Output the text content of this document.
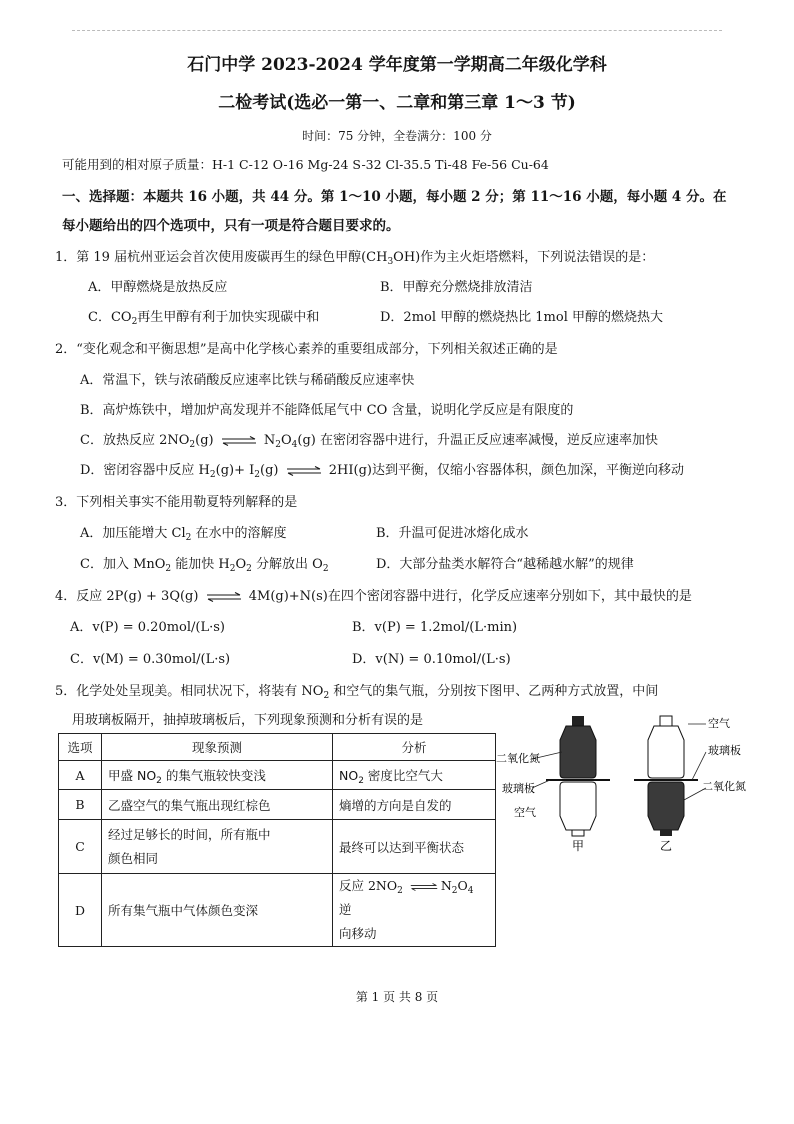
石门中学 2023-2024 学年度第一学期高二年级化学科
二检考试(选必一第一、二章和第三章 1～3 节)
时间：75 分钟，全卷满分：100 分
可能用到的相对原子质量：H-1 C-12 O-16 Mg-24 S-32 Cl-35.5 Ti-48 Fe-56 Cu-64
一、选择题：本题共 16 小题，共 44 分。第 1～10 小题，每小题 2 分；第 11～16 小题，每小题 4 分。在
每小题给出的四个选项中，只有一项是符合题目要求的。
1．第 19 届杭州亚运会首次使用废碳再生的绿色甲醇$(CH_3OH)$作为主火炬塔燃料，下列说法错误的是：
A．甲醇燃烧是放热反应	B．甲醇充分燃烧排放清洁
C．$CO_2$再生甲醇有利于加快实现碳中和	D．2mol 甲醇的燃烧热比 1mol 甲醇的燃烧热大
2．“变化观念和平衡思想”是高中化学核心素养的重要组成部分，下列相关叙述正确的是
A．常温下，铁与浓硝酸反应速率比铁与稀硝酸反应速率快
B．高炉炼铁中，增加炉高发现并不能降低尾气中 CO 含量，说明化学反应是有限度的
C．放热反应 $2NO_2(g)$ ⇌ $N_2O_4(g)$ 在密闭容器中进行，升温正反应速率减慢，逆反应速率加快
D．密闭容器中反应 $H_2(g)+ I_2(g)$ ⇌ 2HI(g)达到平衡，仅缩小容器体积，颜色加深，平衡逆向移动
3．下列相关事实不能用勒夏特列解释的是
A．加压能增大 $Cl_2$ 在水中的溶解度	B．升温可促进冰熔化成水
C．加入 MnO$_2$ 能加快 $H_2O_2$ 分解放出 $O_2$	D．大部分盐类水解符合“越稀越水解”的规律
4．反应 2P(g) + 3Q(g) ⇌ 4M(g)+N(s)在四个密闭容器中进行，化学反应速率分别如下，其中最快的是
A．v(P) = 0.20mol/(L·s)	B．v(P) = 1.2mol/(L·min)
C．v(M) = 0.30mol/(L·s)	D．v(N) = 0.10mol/(L·s)
5．化学处处呈现美。相同状况下，将装有 $NO_2$ 和空气的集气瓶，分别按下图甲、乙两种方式放置，中间
用玻璃板隔开，抽掉玻璃板后，下列现象预测和分析有误的是
选项	现象预测	分析
A	甲盛 $NO_2$ 的集气瓶较快变浅	$NO_2$ 密度比空气大
B	乙盛空气的集气瓶出现红棕色	熵增的方向是自发的
C	经过足够长的时间，所有瓶中
颜色相同	最终可以达到平衡状态
D	所有集气瓶中气体颜色变深	反应 $2NO_2$ ⇌ $N_2O_4$ 逆
向移动
二氧化氮
玻璃板
空气
甲
空气
玻璃板
二氧化氮
乙
第 1 页 共 8 页
